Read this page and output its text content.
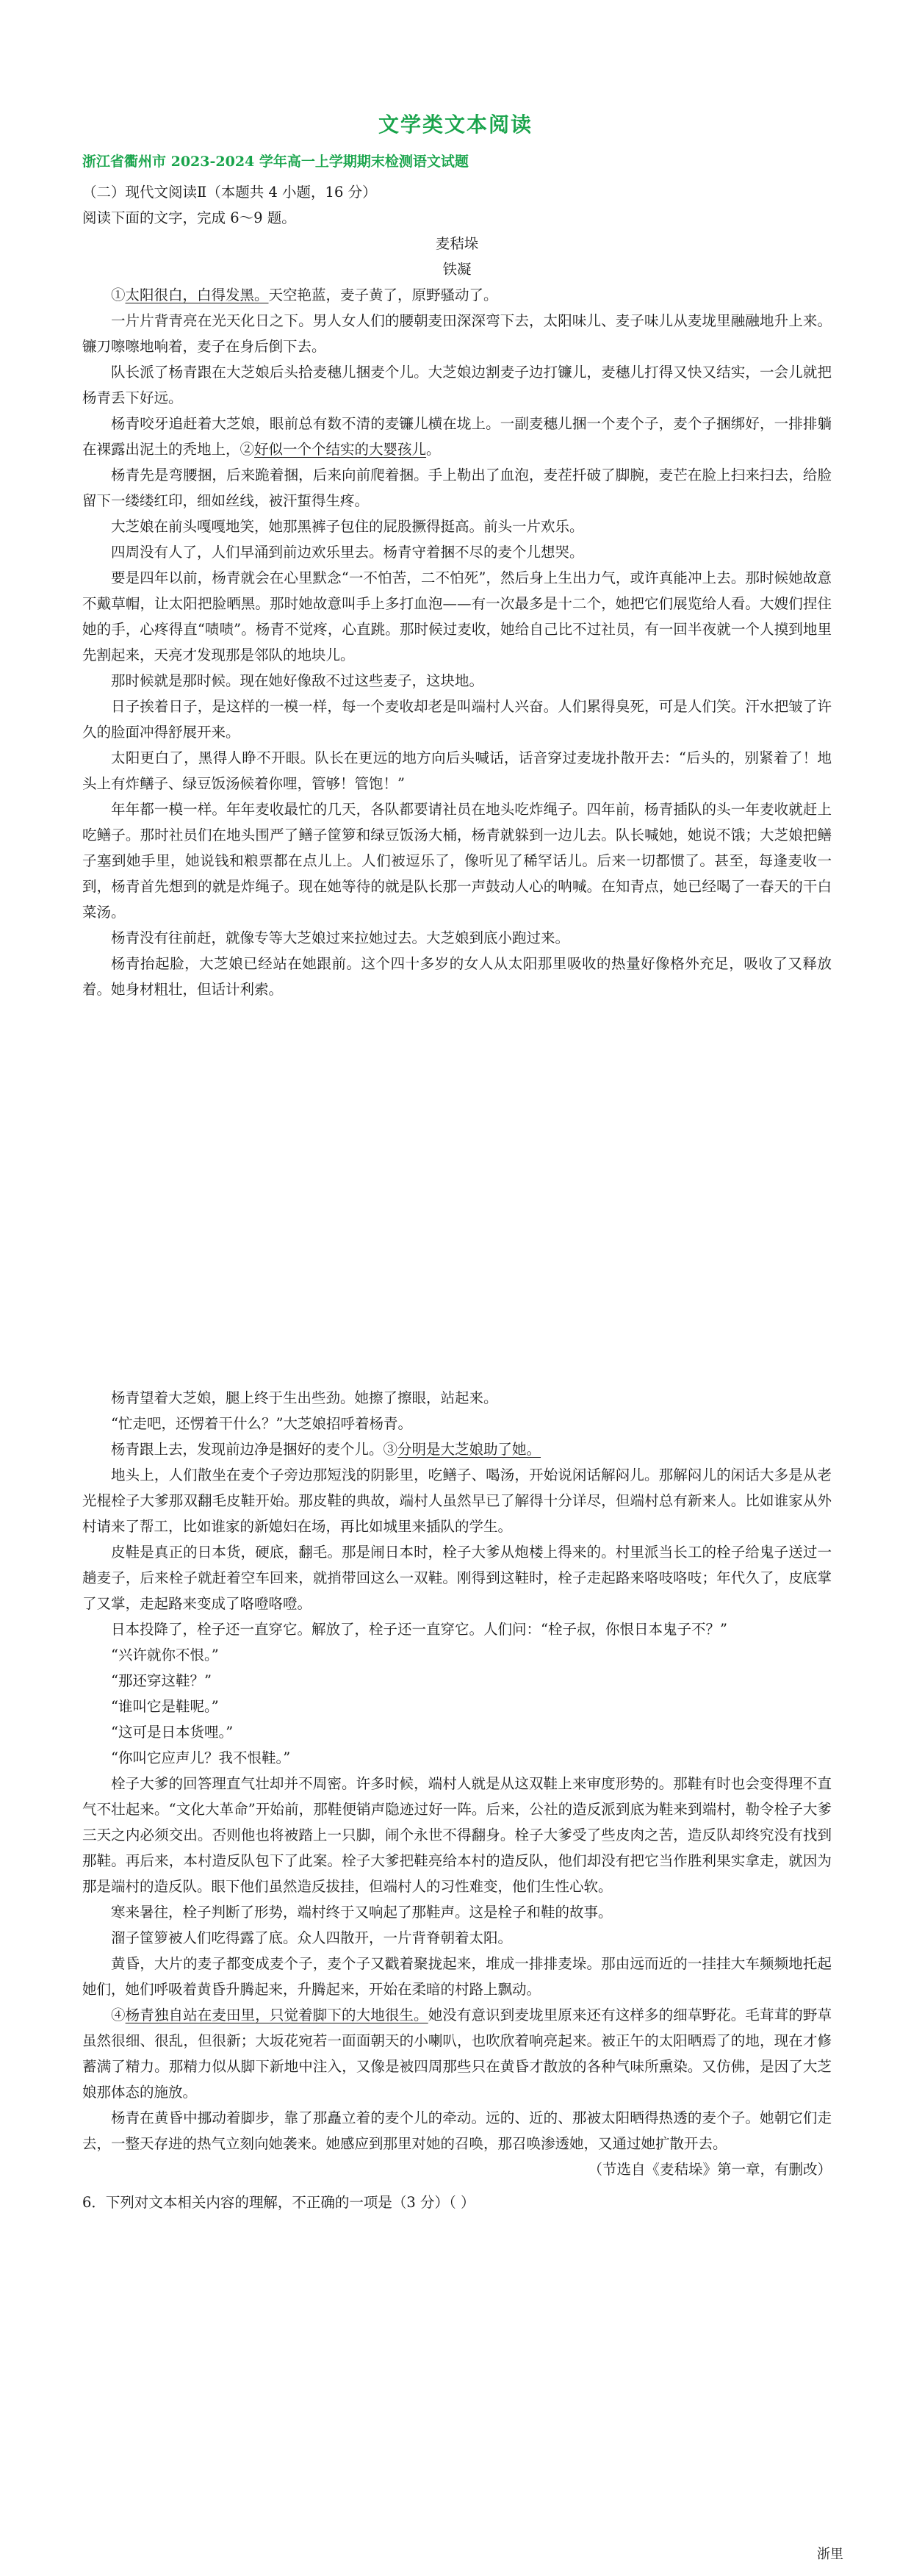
文学类文本阅读
浙江省衢州市 2023-2024 学年高一上学期期末检测语文试题

（二）现代文阅读Ⅱ（本题共 4 小题，16 分）

阅读下面的文字，完成 6～9 题。

麦秸垛

铁凝

①太阳很白，白得发黑。天空艳蓝，麦子黄了，原野骚动了。

一片片背青亮在光天化日之下。男人女人们的腰朝麦田深深弯下去，太阳味儿、麦子味儿从麦垅里融融地升上来。镰刀嚓嚓地响着，麦子在身后倒下去。

队长派了杨青跟在大芝娘后头拾麦穗儿捆麦个儿。大芝娘边割麦子边打镰儿，麦穗儿打得又快又结实，一会儿就把杨青丢下好远。

杨青咬牙追赶着大芝娘，眼前总有数不清的麦镰儿横在垅上。一副麦穗儿捆一个麦个子，麦个子捆绑好，一排排躺在裸露出泥土的秃地上，②好似一个个结实的大婴孩儿。

杨青先是弯腰捆，后来跪着捆，后来向前爬着捆。手上勒出了血泡，麦茬扦破了脚腕，麦芒在脸上扫来扫去，给脸留下一缕缕红印，细如丝线，被汗蜇得生疼。

大芝娘在前头嘎嘎地笑，她那黑裤子包住的屁股撅得挺高。前头一片欢乐。

四周没有人了，人们早涌到前边欢乐里去。杨青守着捆不尽的麦个儿想哭。

要是四年以前，杨青就会在心里默念“一不怕苦，二不怕死”，然后身上生出力气，或许真能冲上去。那时候她故意不戴草帽，让太阳把脸晒黑。那时她故意叫手上多打血泡——有一次最多是十二个，她把它们展览给人看。大嫂们捏住她的手，心疼得直“啧啧”。杨青不觉疼，心直跳。那时候过麦收，她给自己比不过社员，有一回半夜就一个人摸到地里先割起来，天亮才发现那是邻队的地块儿。

那时候就是那时候。现在她好像敌不过这些麦子，这块地。

日子挨着日子，是这样的一模一样，每一个麦收却老是叫端村人兴奋。人们累得臭死，可是人们笑。汗水把皱了许久的脸面冲得舒展开来。

太阳更白了，黑得人睁不开眼。队长在更远的地方向后头喊话，话音穿过麦垅扑散开去：“后头的，别紧着了！地头上有炸鳝子、绿豆饭汤候着你哩，管够！管饱！”

年年都一模一样。年年麦收最忙的几天，各队都要请社员在地头吃炸绳子。四年前，杨青插队的头一年麦收就赶上吃鳝子。那时社员们在地头围严了鳝子筐箩和绿豆饭汤大桶，杨青就躲到一边儿去。队长喊她，她说不饿；大芝娘把鳝子塞到她手里，她说钱和粮票都在点儿上。人们被逗乐了，像听见了稀罕话儿。后来一切都惯了。甚至，每逢麦收一到，杨青首先想到的就是炸绳子。现在她等待的就是队长那一声鼓动人心的呐喊。在知青点，她已经喝了一春天的干白菜汤。

杨青没有往前赶，就像专等大芝娘过来拉她过去。大芝娘到底小跑过来。

杨青抬起脸，大芝娘已经站在她跟前。这个四十多岁的女人从太阳那里吸收的热量好像格外充足，吸收了又释放着。她身材粗壮，但话计利索。

杨青望着大芝娘，腿上终于生出些劲。她擦了擦眼，站起来。

“忙走吧，还愣着干什么？”大芝娘招呼着杨青。

杨青跟上去，发现前边净是捆好的麦个儿。③分明是大芝娘助了她。

地头上，人们散坐在麦个子旁边那短浅的阴影里，吃鳝子、喝汤，开始说闲话解闷儿。那解闷儿的闲话大多是从老光棍栓子大爹那双翻毛皮鞋开始。那皮鞋的典故，端村人虽然早已了解得十分详尽，但端村总有新来人。比如谁家从外村请来了帮工，比如谁家的新媳妇在场，再比如城里来插队的学生。

皮鞋是真正的日本货，硬底，翻毛。那是闹日本时，栓子大爹从炮楼上得来的。村里派当长工的栓子给鬼子送过一趟麦子，后来栓子就赶着空车回来，就捎带回这么一双鞋。刚得到这鞋时，栓子走起路来咯吱咯吱；年代久了，皮底掌了又掌，走起路来变成了咯噔咯噔。

日本投降了，栓子还一直穿它。解放了，栓子还一直穿它。人们问：“栓子叔，你恨日本鬼子不？”

“兴许就你不恨。”

“那还穿这鞋？”

“谁叫它是鞋呢。”

“这可是日本货哩。”

“你叫它应声儿？我不恨鞋。”

栓子大爹的回答理直气壮却并不周密。许多时候，端村人就是从这双鞋上来审度形势的。那鞋有时也会变得理不直气不壮起来。“文化大革命”开始前，那鞋便销声隐迹过好一阵。后来，公社的造反派到底为鞋来到端村，勒令栓子大爹三天之内必须交出。否则他也将被踏上一只脚，闹个永世不得翻身。栓子大爹受了些皮肉之苦，造反队却终究没有找到那鞋。再后来，本村造反队包下了此案。栓子大爹把鞋亮给本村的造反队，他们却没有把它当作胜利果实拿走，就因为那是端村的造反队。眼下他们虽然造反拔挂，但端村人的习性难变，他们生性心软。

寒来暑往，栓子判断了形势，端村终于又响起了那鞋声。这是栓子和鞋的故事。

溜子筐箩被人们吃得露了底。众人四散开，一片背脊朝着太阳。

黄昏，大片的麦子都变成麦个子，麦个子又戳着聚拢起来，堆成一排排麦垛。那由远而近的一挂挂大车频频地托起她们，她们呼吸着黄昏升腾起来，升腾起来，开始在柔暗的村路上飘动。

④杨青独自站在麦田里，只觉着脚下的大地很生。她没有意识到麦垅里原来还有这样多的细草野花。毛茸茸的野草虽然很细、很乱，但很新；大坂花宛若一面面朝天的小喇叭，也吹欣着响亮起来。被正午的太阳晒焉了的地，现在才修蓄满了精力。那精力似从脚下新地中注入，又像是被四周那些只在黄昏才散放的各种气味所熏染。又仿佛，是因了大芝娘那体态的施放。

杨青在黄昏中挪动着脚步，靠了那矗立着的麦个儿的牵动。远的、近的、那被太阳晒得热透的麦个子。她朝它们走去，一整天存进的热气立刻向她袭来。她感应到那里对她的召唤，那召唤渗透她，又通过她扩散开去。

（节选自《麦秸垛》第一章，有删改）

6．下列对文本相关内容的理解，不正确的一项是（3 分）（ ）

浙里
